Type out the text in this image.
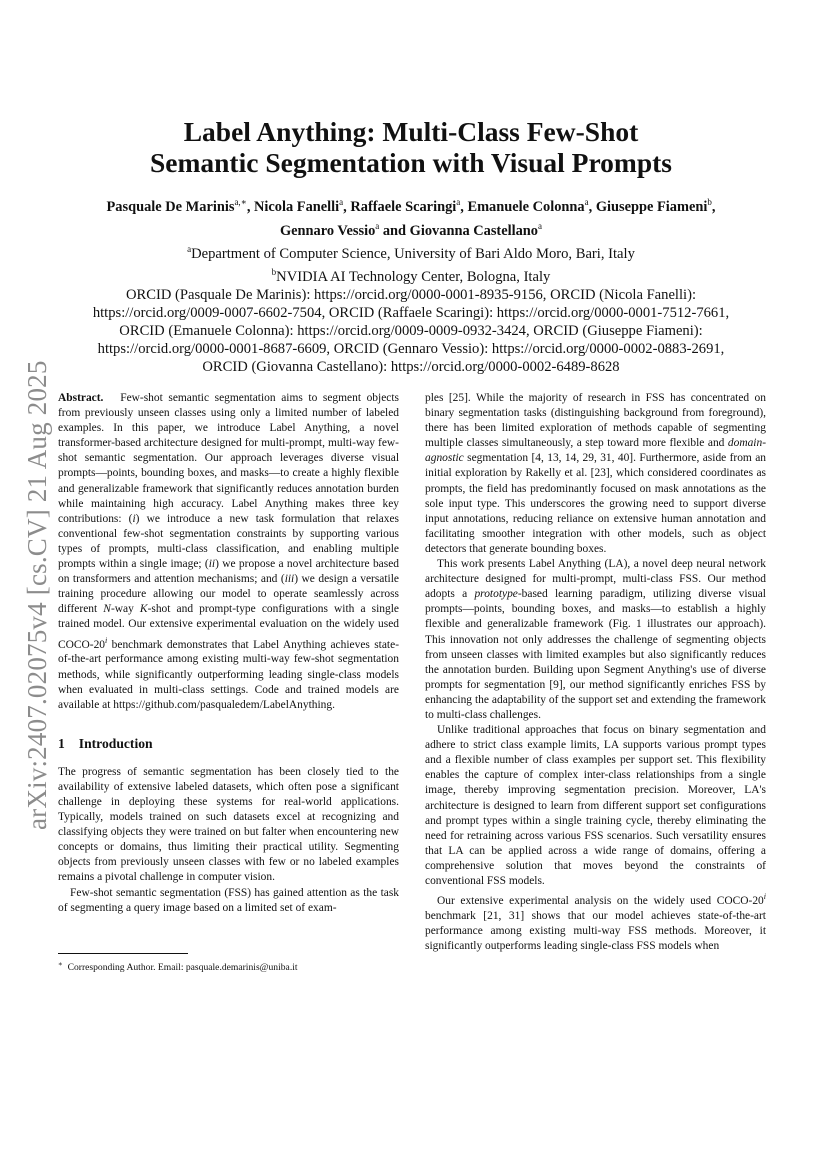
arXiv:2407.02075v4 [cs.CV] 21 Aug 2025
Label Anything: Multi-Class Few-Shot
Semantic Segmentation with Visual Prompts
Pasquale De Marinis$^{a,∗}$, Nicola Fanelli$^a$, Raffaele Scaringi$^a$, Emanuele Colonna$^a$, Giuseppe Fiameni$^b$,
Gennaro Vessio$^a$ and Giovanna Castellano$^a$
$^a$Department of Computer Science, University of Bari Aldo Moro, Bari, Italy
$^b$NVIDIA AI Technology Center, Bologna, Italy
ORCID (Pasquale De Marinis): https://orcid.org/0000-0001-8935-9156, ORCID (Nicola Fanelli):
https://orcid.org/0009-0007-6602-7504, ORCID (Raffaele Scaringi): https://orcid.org/0000-0001-7512-7661,
ORCID (Emanuele Colonna): https://orcid.org/0009-0009-0932-3424, ORCID (Giuseppe Fiameni):
https://orcid.org/0000-0001-8687-6609, ORCID (Gennaro Vessio): https://orcid.org/0000-0002-0883-2691,
ORCID (Giovanna Castellano): https://orcid.org/0000-0002-6489-8628

Abstract. Few-shot semantic segmentation aims to segment objects from previously unseen classes using only a limited number of labeled examples. In this paper, we introduce Label Anything, a novel transformer-based architecture designed for multi-prompt, multi-way few-shot semantic segmentation. Our approach leverages diverse visual prompts—points, bounding boxes, and masks—to create a highly flexible and generalizable framework that significantly reduces annotation burden while maintaining high accuracy. Label Anything makes three key contributions: (i) we introduce a new task formulation that relaxes conventional few-shot segmentation constraints by supporting various types of prompts, multi-class classification, and enabling multiple prompts within a single image; (ii) we propose a novel architecture based on transformers and attention mechanisms; and (iii) we design a versatile training procedure allowing our model to operate seamlessly across different N-way K-shot and prompt-type configurations with a single trained model. Our extensive experimental evaluation on the widely used COCO-20$^i$ benchmark demonstrates that Label Anything achieves state-of-the-art performance among existing multi-way few-shot segmentation methods, while significantly outperforming leading single-class models when evaluated in multi-class settings. Code and trained models are available at https://github.com/pasqualedem/LabelAnything.

1 Introduction

The progress of semantic segmentation has been closely tied to the availability of extensive labeled datasets, which often pose a significant challenge in deploying these systems for real-world applications. Typically, models trained on such datasets excel at recognizing and classifying objects they were trained on but falter when encountering new concepts or domains, thus limiting their practical utility. Segmenting objects from previously unseen classes with few or no labeled examples remains a pivotal challenge in computer vision.

Few-shot semantic segmentation (FSS) has gained attention as the task of segmenting a query image based on a limited set of exam-

∗ Corresponding Author. Email: pasquale.demarinis@uniba.it

ples [25]. While the majority of research in FSS has concentrated on binary segmentation tasks (distinguishing background from foreground), there has been limited exploration of methods capable of segmenting multiple classes simultaneously, a step toward more flexible and domain-agnostic segmentation [4, 13, 14, 29, 31, 40]. Furthermore, aside from an initial exploration by Rakelly et al. [23], which considered coordinates as prompts, the field has predominantly focused on mask annotations as the sole input type. This underscores the growing need to support diverse input annotations, reducing reliance on extensive human annotation and facilitating smoother integration with other models, such as object detectors that generate bounding boxes.

This work presents Label Anything (LA), a novel deep neural network architecture designed for multi-prompt, multi-class FSS. Our method adopts a prototype-based learning paradigm, utilizing diverse visual prompts—points, bounding boxes, and masks—to establish a highly flexible and generalizable framework (Fig. 1 illustrates our approach). This innovation not only addresses the challenge of segmenting objects from unseen classes with limited examples but also significantly reduces the annotation burden. Building upon Segment Anything's use of diverse prompts for segmentation [9], our method significantly enriches FSS by enhancing the adaptability of the support set and extending the framework to multi-class challenges.

Unlike traditional approaches that focus on binary segmentation and adhere to strict class example limits, LA supports various prompt types and a flexible number of class examples per support set. This flexibility enables the capture of complex inter-class relationships from a single image, thereby improving segmentation precision. Moreover, LA's architecture is designed to learn from different support set configurations and prompt types within a single training cycle, thereby eliminating the need for retraining across various FSS scenarios. Such versatility ensures that LA can be applied across a wide range of domains, offering a comprehensive solution that moves beyond the constraints of conventional FSS models.

Our extensive experimental analysis on the widely used COCO-20$^i$ benchmark [21, 31] shows that our model achieves state-of-the-art performance among existing multi-way FSS methods. Moreover, it significantly outperforms leading single-class FSS models when
